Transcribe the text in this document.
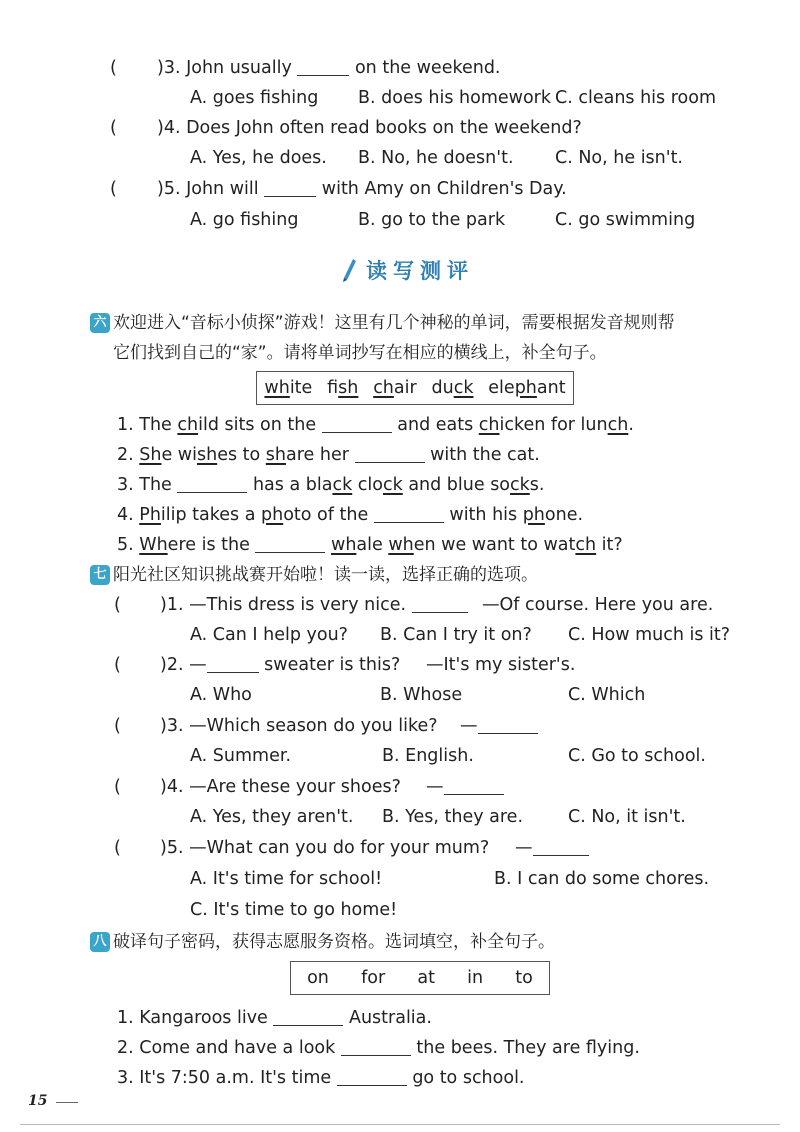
( )3. John usually	on the weekend.
A. goes fishing B. does his homework C. cleans his room
( )4. Does John often read books on the weekend?
A. Yes, he does. B. No, he doesn't. C. No, he isn't.
( )5. John will	with Amy on Children's Day.
A. go fishing	B. go to the park	C. go swimming
读写测评
六 欢迎进入“音标小侦探”游戏！这里有几个神秘的单词，需要根据发音规则帮
它们找到自己的“家”。请将单词抄写在相应的横线上，补全句子。
white fish chair duck elephant
1. The child sits on the	and eats chicken for lunch.
2. She wishes to share her	with the cat.
3. The	has a black clock and blue socks.
4. Philip takes a photo of the	with his phone.
5. Where is the	whale when we want to watch it?
七 阳光社区知识挑战赛开始啦！读一读，选择正确的选项。
( )1. —This dress is very nice.	—Of course. Here you are.
A. Can I help you? B. Can I try it on? C. How much is it?
( )2. —	sweater is this? —It's my sister's.
A. Who	B. Whose	C. Which
( )3. —Which season do you like? —
A. Summer.	B. English.	C. Go to school.
( )4. —Are these your shoes? —
A. Yes, they aren't. B. Yes, they are.	C. No, it isn't.
( )5. —What can you do for your mum? —
A. It's time for school!	B. I can do some chores.
C. It's time to go home!
八 破译句子密码，获得志愿服务资格。选词填空，补全句子。
on for at in to
1. Kangaroos live	Australia.
2. Come and have a look	the bees. They are flying.
3. It's 7:50 a.m. It's time	go to school.
15
